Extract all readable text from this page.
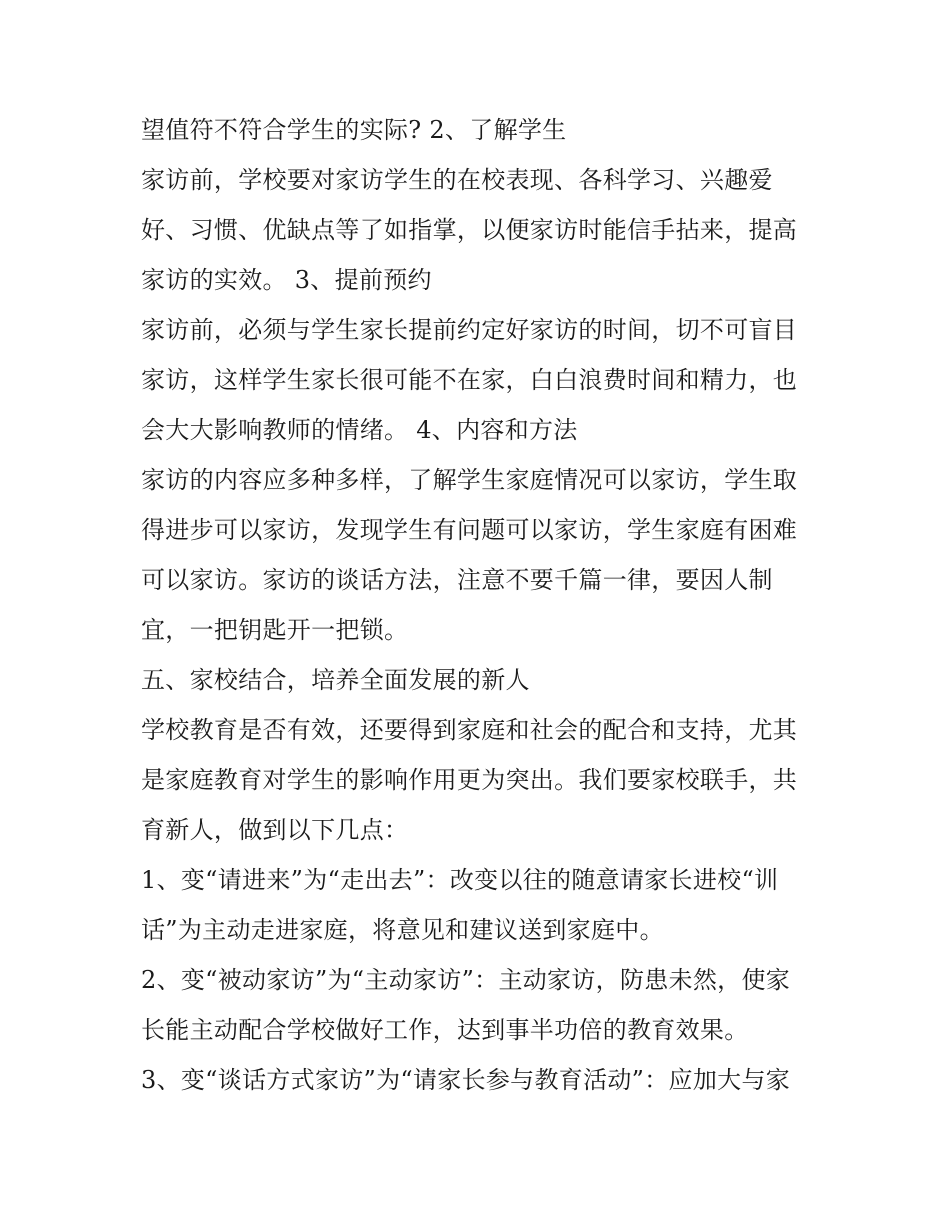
望值符不符合学生的实际? 2、了解学生
家访前，学校要对家访学生的在校表现、各科学习、兴趣爱
好、习惯、优缺点等了如指掌，以便家访时能信手拈来，提高
家访的实效。 3、提前预约
家访前，必须与学生家长提前约定好家访的时间，切不可盲目
家访，这样学生家长很可能不在家，白白浪费时间和精力，也
会大大影响教师的情绪。 4、内容和方法
家访的内容应多种多样，了解学生家庭情况可以家访，学生取
得进步可以家访，发现学生有问题可以家访，学生家庭有困难
可以家访。家访的谈话方法，注意不要千篇一律，要因人制
宜，一把钥匙开一把锁。
五、家校结合，培养全面发展的新人
学校教育是否有效，还要得到家庭和社会的配合和支持，尤其
是家庭教育对学生的影响作用更为突出。我们要家校联手，共
育新人，做到以下几点：
1、变“请进来”为“走出去”：改变以往的随意请家长进校“训
话”为主动走进家庭，将意见和建议送到家庭中。
2、变“被动家访”为“主动家访”：主动家访，防患未然，使家
长能主动配合学校做好工作，达到事半功倍的教育效果。
3、变“谈话方式家访”为“请家长参与教育活动”：应加大与家
